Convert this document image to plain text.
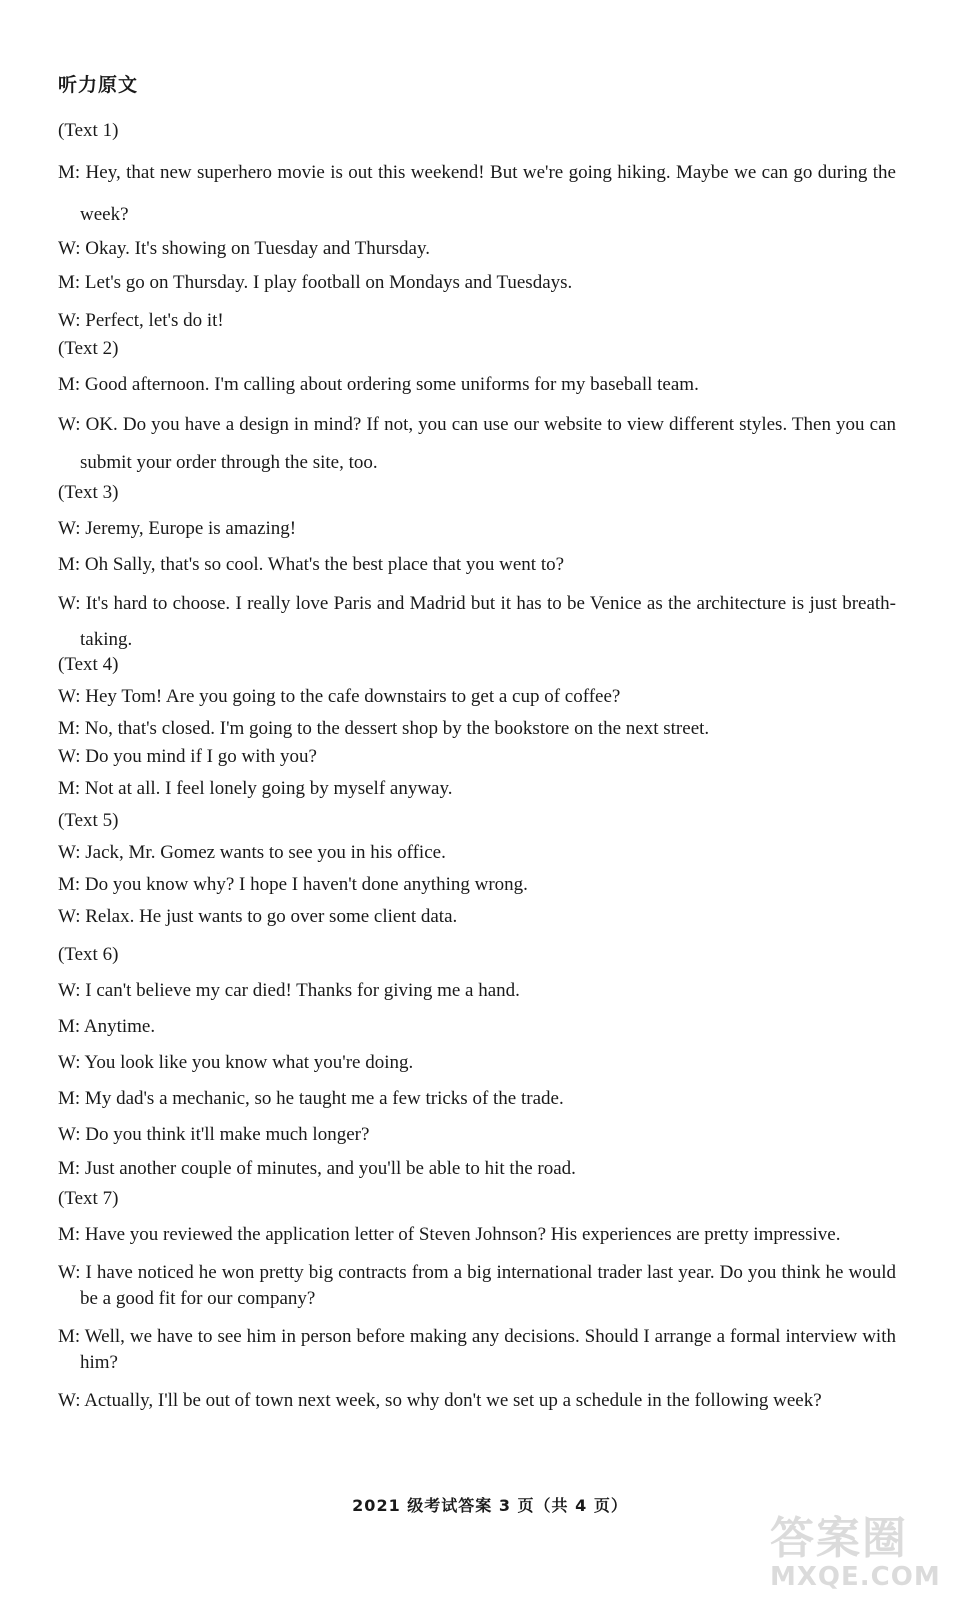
听力原文
(Text 1)
M: Hey, that new superhero movie is out this weekend! But we're going hiking. Maybe we can go during the week?
W: Okay. It's showing on Tuesday and Thursday.
M: Let's go on Thursday. I play football on Mondays and Tuesdays.
W: Perfect, let's do it!
(Text 2)
M: Good afternoon. I'm calling about ordering some uniforms for my baseball team.
W: OK. Do you have a design in mind? If not, you can use our website to view different styles. Then you can submit your order through the site, too.
(Text 3)
W: Jeremy, Europe is amazing!
M: Oh Sally, that's so cool. What's the best place that you went to?
W: It's hard to choose. I really love Paris and Madrid but it has to be Venice as the architecture is just breath-taking.
(Text 4)
W: Hey Tom! Are you going to the cafe downstairs to get a cup of coffee?
M: No, that's closed. I'm going to the dessert shop by the bookstore on the next street.
W: Do you mind if I go with you?
M: Not at all. I feel lonely going by myself anyway.
(Text 5)
W: Jack, Mr. Gomez wants to see you in his office.
M: Do you know why? I hope I haven't done anything wrong.
W: Relax. He just wants to go over some client data.
(Text 6)
W: I can't believe my car died! Thanks for giving me a hand.
M: Anytime.
W: You look like you know what you're doing.
M: My dad's a mechanic, so he taught me a few tricks of the trade.
W: Do you think it'll make much longer?
M: Just another couple of minutes, and you'll be able to hit the road.
(Text 7)
M: Have you reviewed the application letter of Steven Johnson? His experiences are pretty impressive.
W: I have noticed he won pretty big contracts from a big international trader last year. Do you think he would be a good fit for our company?
M: Well, we have to see him in person before making any decisions. Should I arrange a formal interview with him?
W: Actually, I'll be out of town next week, so why don't we set up a schedule in the following week?
2021 级考试答案 3 页（共 4 页）
答案圈
MXQE.COM
